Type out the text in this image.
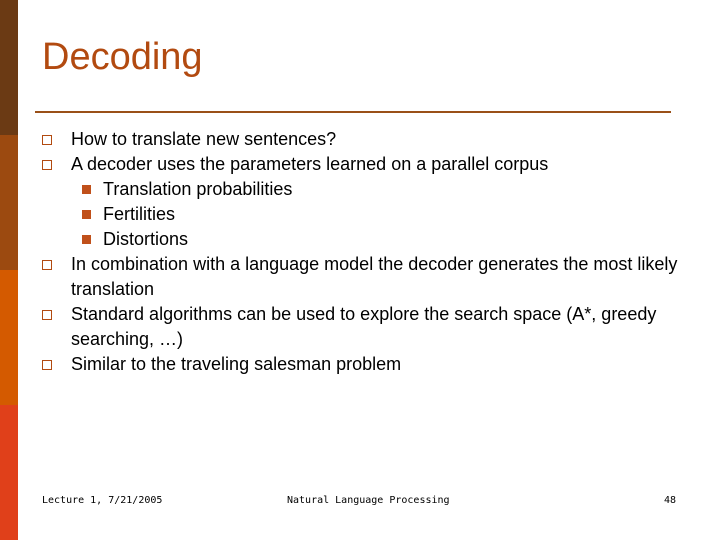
Decoding
How to translate new sentences?
A decoder uses the parameters learned on a parallel corpus
Translation probabilities
Fertilities
Distortions
In combination with a language model the decoder generates the most likely translation
Standard algorithms can be used to explore the search space (A*, greedy searching, …)
Similar to the traveling salesman problem
Lecture 1, 7/21/2005	Natural Language Processing	48
